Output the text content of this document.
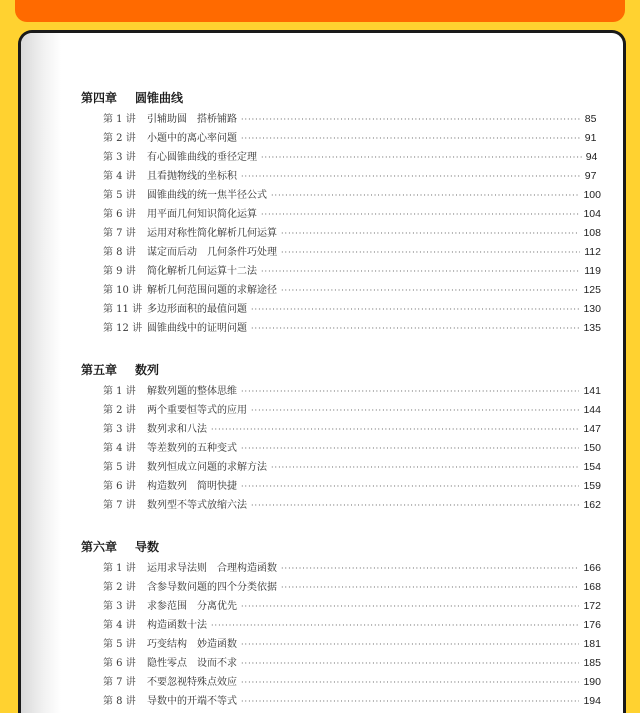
第四章 圆锥曲线
第 1 讲	引辅助圆　搭桥铺路 ·····	85
第 2 讲	小题中的离心率问题 ·····	91
第 3 讲	有心圆锥曲线的垂径定理 ·····	94
第 4 讲	且看抛物线的坐标积 ·····	97
第 5 讲	圆锥曲线的统一焦半径公式 ·····	100
第 6 讲	用平面几何知识简化运算 ·····	104
第 7 讲	运用对称性简化解析几何运算 ·····	108
第 8 讲	谋定而后动　几何条件巧处理 ·····	112
第 9 讲	简化解析几何运算十二法 ·····	119
第 10 讲 解析几何范围问题的求解途径 ·····	125
第 11 讲 多边形面积的最值问题 ·····	130
第 12 讲 圆锥曲线中的证明问题 ·····	135
第五章 数列
第 1 讲	解数列题的整体思维 ·····	141
第 2 讲	两个重要恒等式的应用 ·····	144
第 3 讲	数列求和八法 ·····	147
第 4 讲	等差数列的五种变式 ·····	150
第 5 讲	数列恒成立问题的求解方法 ·····	154
第 6 讲	构造数列　简明快捷 ·····	159
第 7 讲	数列型不等式放缩六法 ·····	162
第六章 导数
第 1 讲	运用求导法则　合理构造函数 ·····	166
第 2 讲	含参导数问题的四个分类依据 ·····	168
第 3 讲	求参范围　分离优先 ·····	172
第 4 讲	构造函数十法 ·····	176
第 5 讲	巧变结构　妙造函数 ·····	181
第 6 讲	隐性零点　设而不求 ·····	185
第 7 讲	不要忽视特殊点效应 ·····	190
第 8 讲	导数中的开端不等式 ·····	194
